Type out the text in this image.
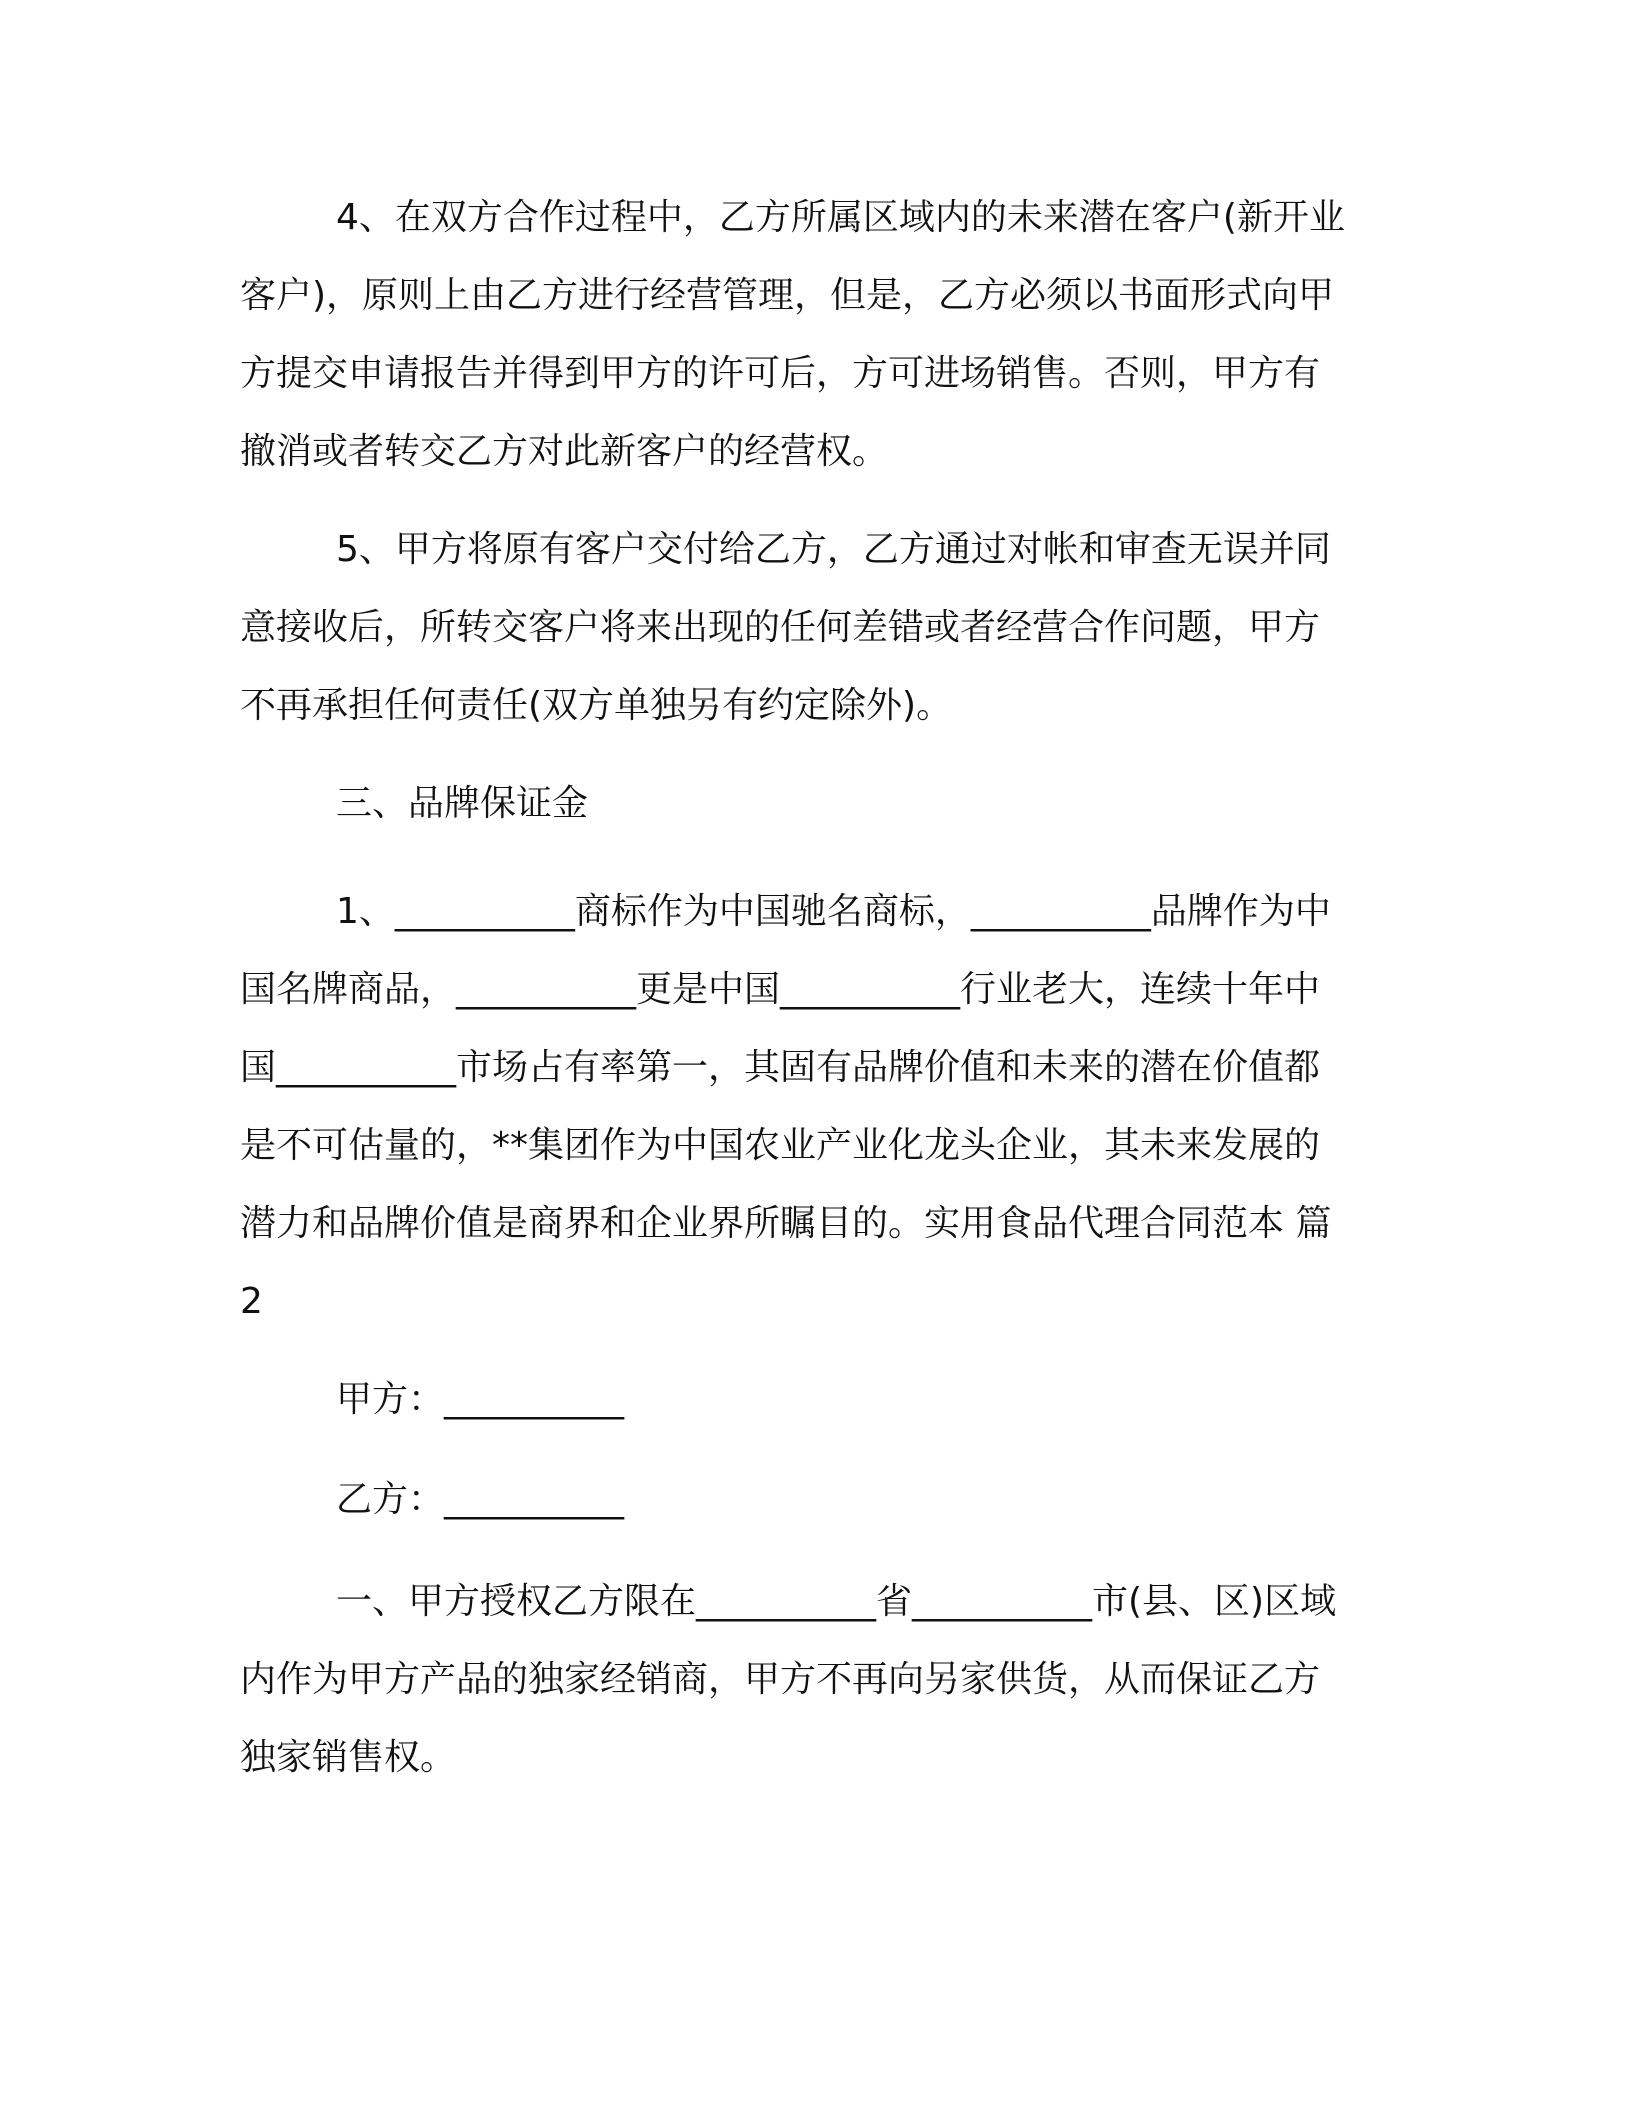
4、在双方合作过程中，乙方所属区域内的未来潜在客户(新开业
客户)，原则上由乙方进行经营管理，但是，乙方必须以书面形式向甲
方提交申请报告并得到甲方的许可后，方可进场销售。否则，甲方有
撤消或者转交乙方对此新客户的经营权。
5、甲方将原有客户交付给乙方，乙方通过对帐和审查无误并同
意接收后，所转交客户将来出现的任何差错或者经营合作问题，甲方
不再承担任何责任(双方单独另有约定除外)。
三、品牌保证金
1、__________商标作为中国驰名商标，__________品牌作为中
国名牌商品，__________更是中国__________行业老大，连续十年中
国__________市场占有率第一，其固有品牌价值和未来的潜在价值都
是不可估量的，**集团作为中国农业产业化龙头企业，其未来发展的
潜力和品牌价值是商界和企业界所瞩目的。实用食品代理合同范本 篇
2
甲方：__________
乙方：__________
一、甲方授权乙方限在__________省__________市(县、区)区域
内作为甲方产品的独家经销商，甲方不再向另家供货，从而保证乙方
独家销售权。
